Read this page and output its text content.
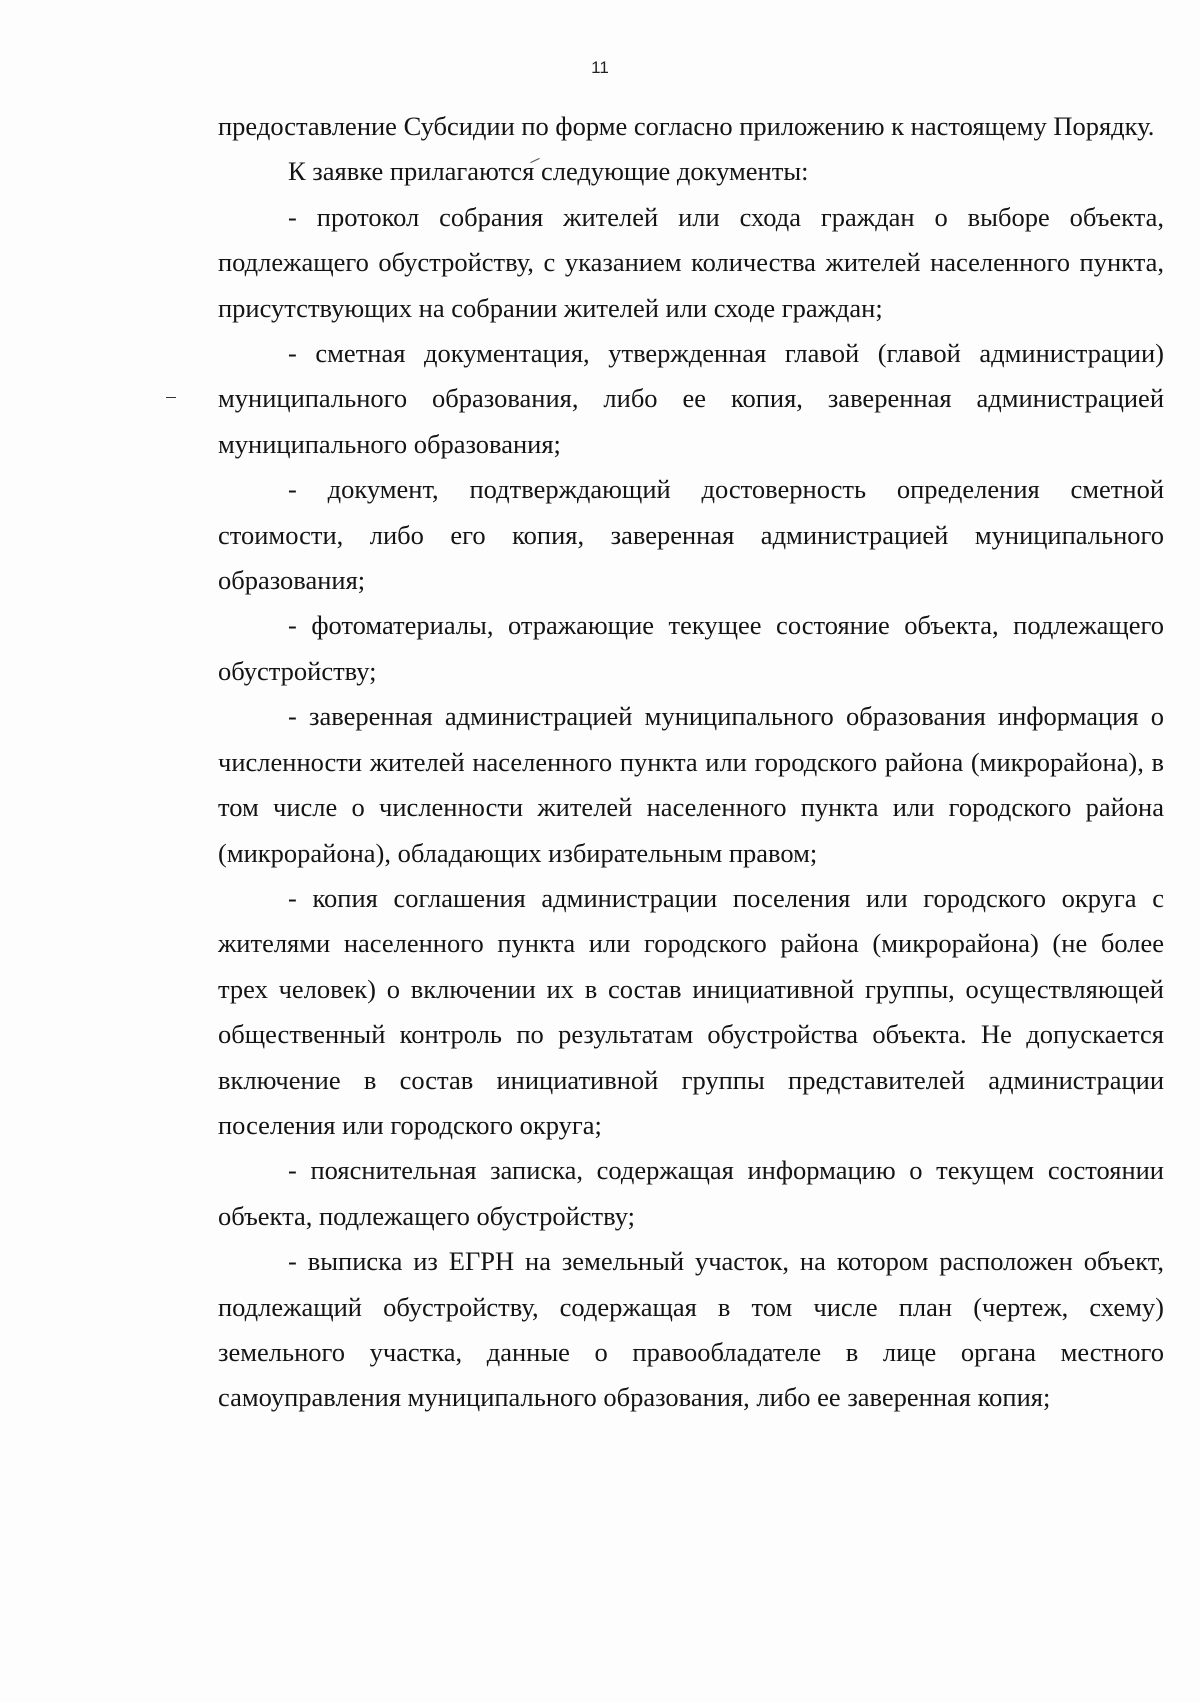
11

предоставление Субсидии по форме согласно приложению к настоящему Порядку.

К заявке прилагаются следующие документы:

- протокол собрания жителей или схода граждан о выборе объекта, подлежащего обустройству, с указанием количества жителей населенного пункта, присутствующих на собрании жителей или сходе граждан;

- сметная документация, утвержденная главой (главой администрации) муниципального образования, либо ее копия, заверенная администрацией муниципального образования;

- документ, подтверждающий достоверность определения сметной стоимости, либо его копия, заверенная администрацией муниципального образования;

- фотоматериалы, отражающие текущее состояние объекта, подлежащего обустройству;

- заверенная администрацией муниципального образования информация о численности жителей населенного пункта или городского района (микрорайона), в том числе о численности жителей населенного пункта или городского района (микрорайона), обладающих избирательным правом;

- копия соглашения администрации поселения или городского округа с жителями населенного пункта или городского района (микрорайона) (не более трех человек) о включении их в состав инициативной группы, осуществляющей общественный контроль по результатам обустройства объекта. Не допускается включение в состав инициативной группы представителей администрации поселения или городского округа;

- пояснительная записка, содержащая информацию о текущем состоянии объекта, подлежащего обустройству;

- выписка из ЕГРН на земельный участок, на котором расположен объект, подлежащий обустройству, содержащая в том числе план (чертеж, схему) земельного участка, данные о правообладателе в лице органа местного самоуправления муниципального образования, либо ее заверенная копия;
